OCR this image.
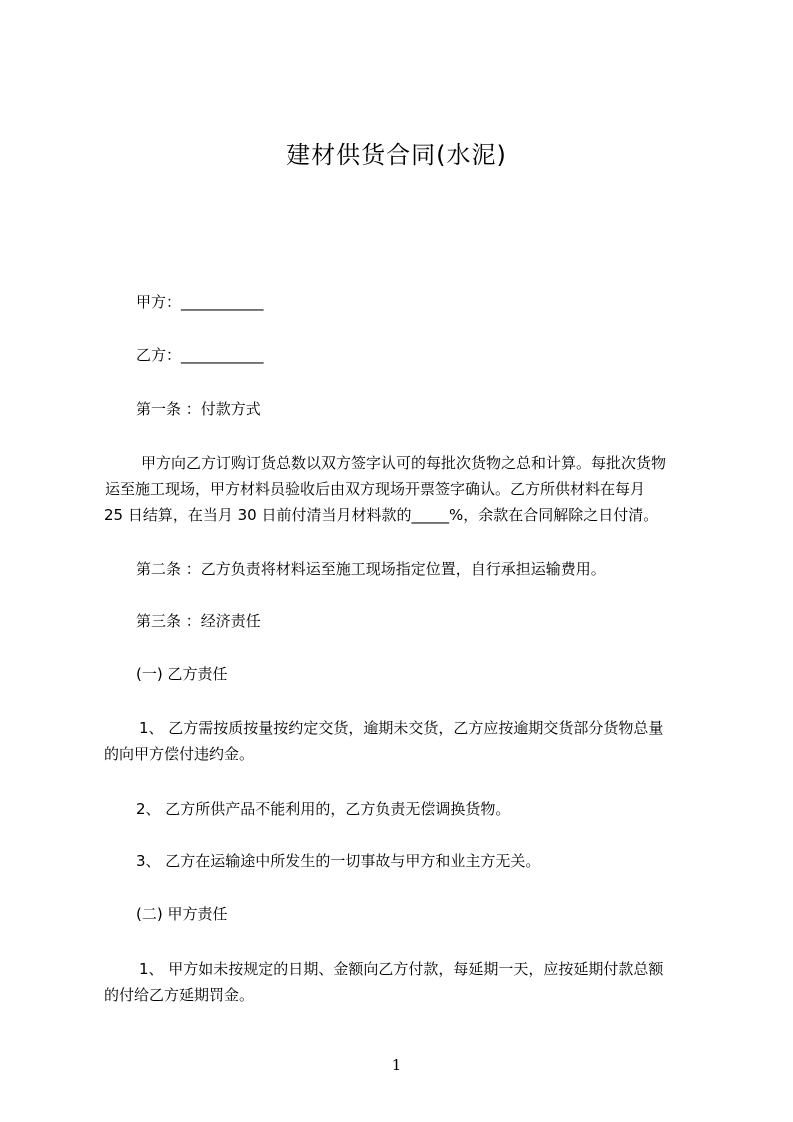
建材供货合同(水泥)
甲方：___________
乙方：___________
第一条 ：付款方式
甲方向乙方订购订货总数以双方签字认可的每批次货物之总和计算。每批次货物
运至施工现场，甲方材料员验收后由双方现场开票签字确认。乙方所供材料在每月
25 日结算，在当月 30 日前付清当月材料款的_____%，余款在合同解除之日付清。
第二条 ：乙方负责将材料运至施工现场指定位置，自行承担运输费用。
第三条 ：经济责任
(一) 乙方责任
1、 乙方需按质按量按约定交货，逾期未交货，乙方应按逾期交货部分货物总量
的向甲方偿付违约金。
2、 乙方所供产品不能利用的，乙方负责无偿调换货物。
3、 乙方在运输途中所发生的一切事故与甲方和业主方无关。
(二) 甲方责任
1、 甲方如未按规定的日期、金额向乙方付款，每延期一天，应按延期付款总额
的付给乙方延期罚金。
1
